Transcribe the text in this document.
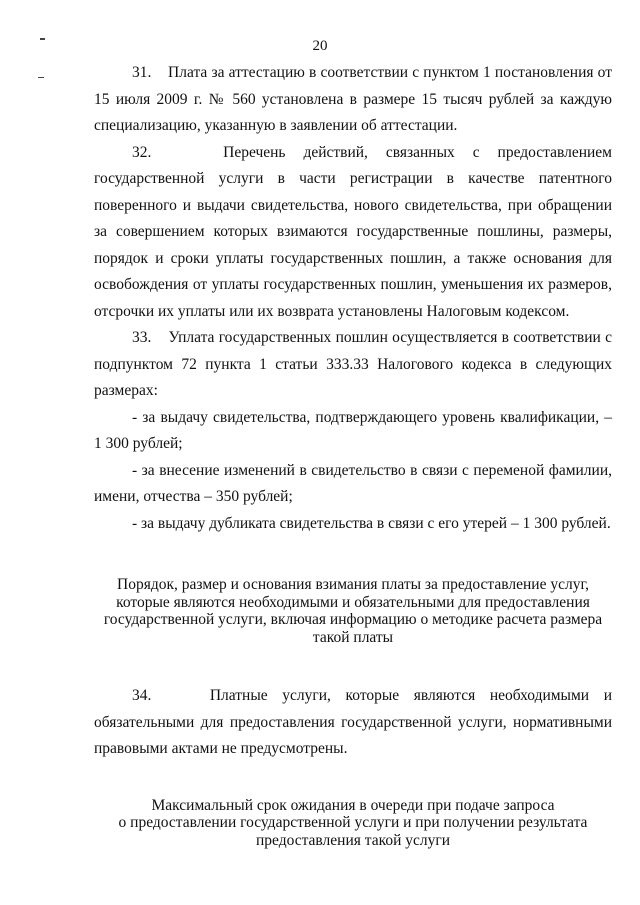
20

31.    Плата за аттестацию в соответствии с пунктом 1 постановления от 15 июля 2009 г. № 560 установлена в размере 15 тысяч рублей за каждую специализацию, указанную в заявлении об аттестации.

32.    Перечень действий, связанных с предоставлением государственной услуги в части регистрации в качестве патентного поверенного и выдачи свидетельства, нового свидетельства, при обращении за совершением которых взимаются государственные пошлины, размеры, порядок и сроки уплаты государственных пошлин, а также основания для освобождения от уплаты государственных пошлин, уменьшения их размеров, отсрочки их уплаты или их возврата установлены Налоговым кодексом.

33.    Уплата государственных пошлин осуществляется в соответствии с подпунктом 72 пункта 1 статьи 333.33 Налогового кодекса в следующих размерах:

- за выдачу свидетельства, подтверждающего уровень квалификации, – 1 300 рублей;

- за внесение изменений в свидетельство в связи с переменой фамилии, имени, отчества – 350 рублей;

- за выдачу дубликата свидетельства в связи с его утерей – 1 300 рублей.

Порядок, размер и основания взимания платы за предоставление услуг,
которые являются необходимыми и обязательными для предоставления
государственной услуги, включая информацию о методике расчета размера
такой платы

34.    Платные услуги, которые являются необходимыми и обязательными для предоставления государственной услуги, нормативными правовыми актами не предусмотрены.

Максимальный срок ожидания в очереди при подаче запроса
о предоставлении государственной услуги и при получении результата
предоставления такой услуги
